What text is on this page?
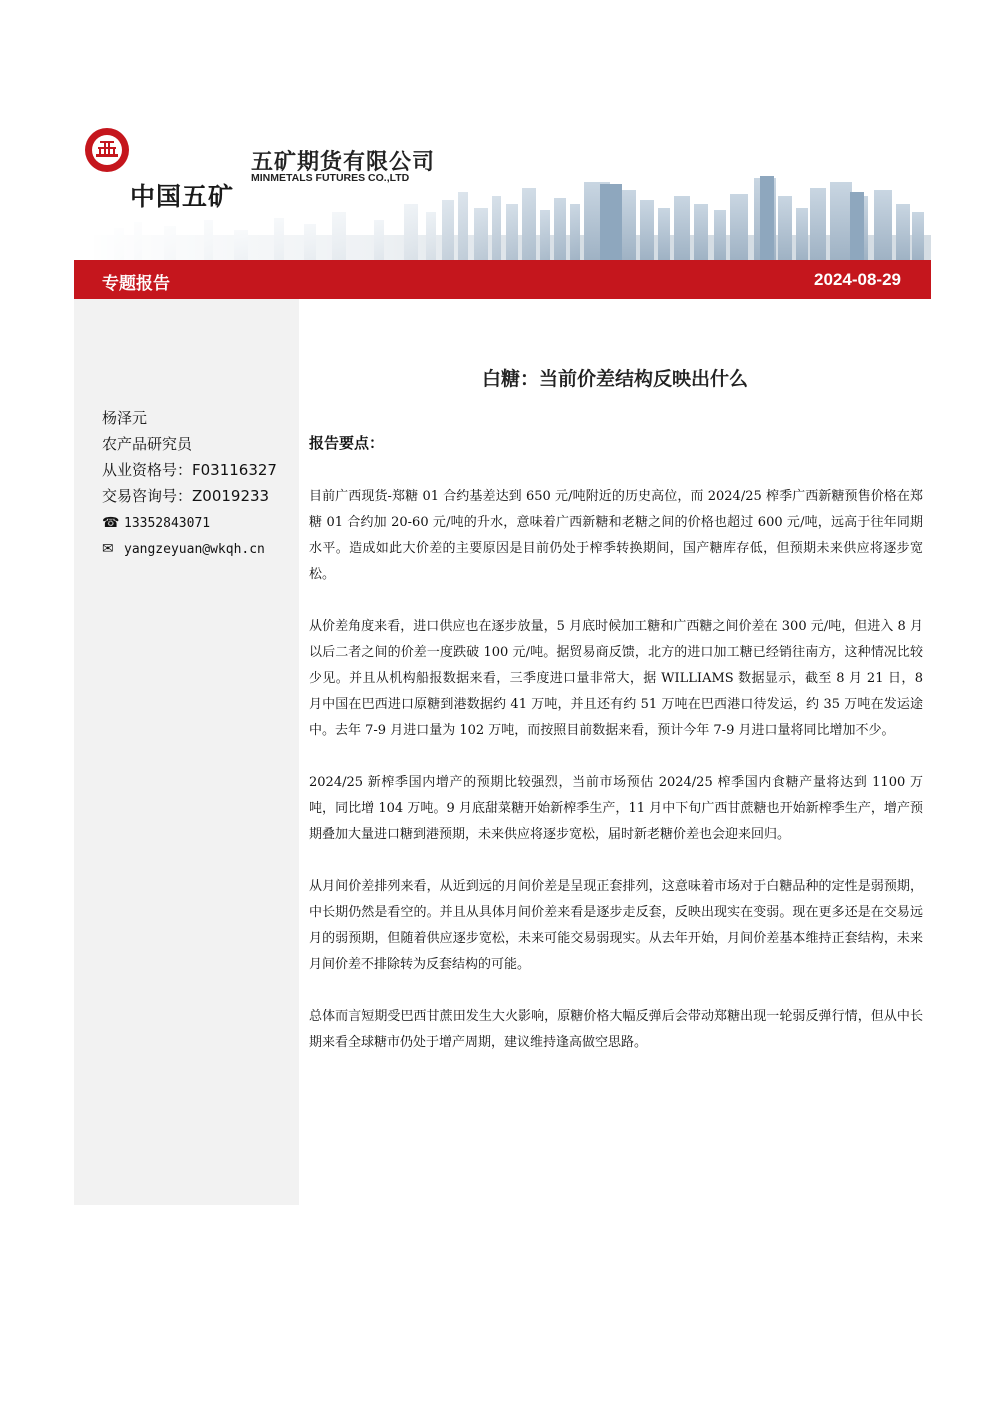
中国五矿
五矿期货有限公司
MINMETALS FUTURES CO.,LTD
专题报告	2024-08-29
杨泽元
农产品研究员
从业资格号：F03116327
交易咨询号：Z0019233
☎ 13352843071
✉ yangzeyuan@wkqh.cn
白糖：当前价差结构反映出什么
报告要点：

目前广西现货-郑糖 01 合约基差达到 650 元/吨附近的历史高位，而 2024/25 榨季广西新糖预售价格在郑糖 01 合约加 20-60 元/吨的升水，意味着广西新糖和老糖之间的价格也超过 600 元/吨，远高于往年同期水平。造成如此大价差的主要原因是目前仍处于榨季转换期间，国产糖库存低，但预期未来供应将逐步宽松。

从价差角度来看，进口供应也在逐步放量，5 月底时候加工糖和广西糖之间价差在 300 元/吨，但进入 8 月以后二者之间的价差一度跌破 100 元/吨。据贸易商反馈，北方的进口加工糖已经销往南方，这种情况比较少见。并且从机构船报数据来看，三季度进口量非常大，据 WILLIAMS 数据显示，截至 8 月 21 日，8 月中国在巴西进口原糖到港数据约 41 万吨，并且还有约 51 万吨在巴西港口待发运，约 35 万吨在发运途中。去年 7-9 月进口量为 102 万吨，而按照目前数据来看，预计今年 7-9 月进口量将同比增加不少。

2024/25 新榨季国内增产的预期比较强烈，当前市场预估 2024/25 榨季国内食糖产量将达到 1100 万吨，同比增 104 万吨。9 月底甜菜糖开始新榨季生产，11 月中下旬广西甘蔗糖也开始新榨季生产，增产预期叠加大量进口糖到港预期，未来供应将逐步宽松，届时新老糖价差也会迎来回归。

从月间价差排列来看，从近到远的月间价差是呈现正套排列，这意味着市场对于白糖品种的定性是弱预期，中长期仍然是看空的。并且从具体月间价差来看是逐步走反套，反映出现实在变弱。现在更多还是在交易远月的弱预期，但随着供应逐步宽松，未来可能交易弱现实。从去年开始，月间价差基本维持正套结构，未来月间价差不排除转为反套结构的可能。

总体而言短期受巴西甘蔗田发生大火影响，原糖价格大幅反弹后会带动郑糖出现一轮弱反弹行情，但从中长期来看全球糖市仍处于增产周期，建议维持逢高做空思路。
